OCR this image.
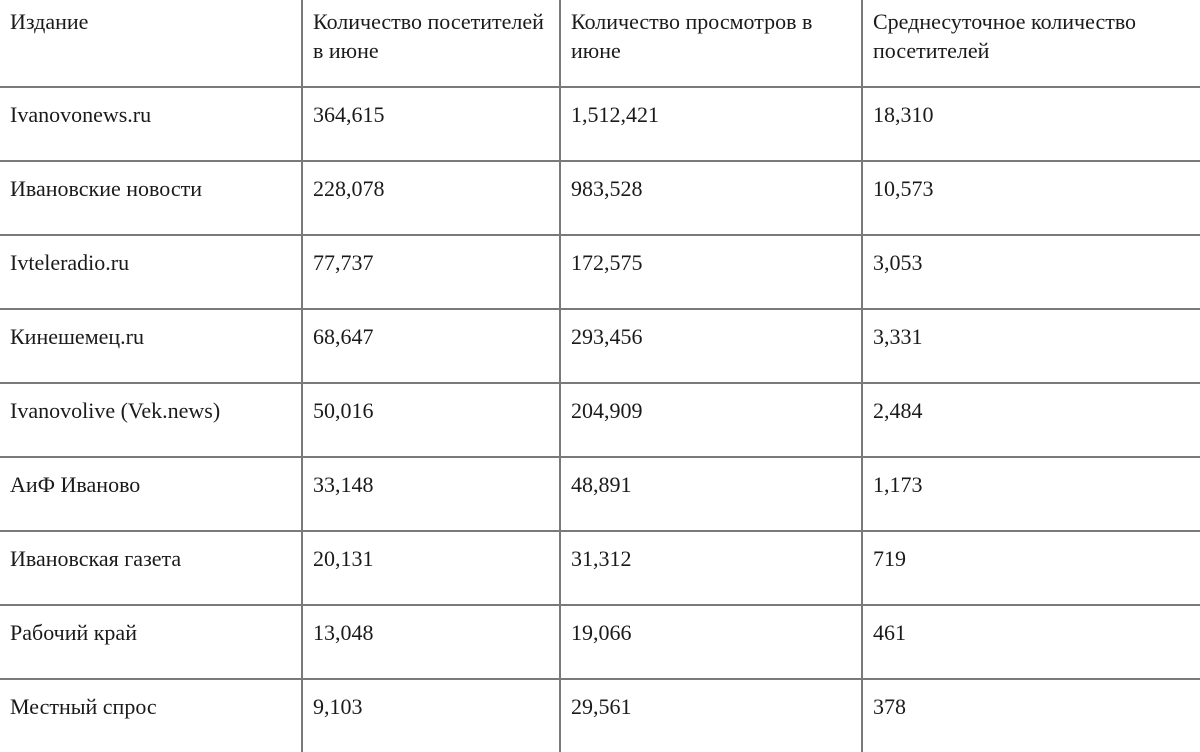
Издание	Количество посетителей в июне	Количество просмотров в июне	Среднесуточное количество посетителей

Ivanovonews.ru	364,615	1,512,421	18,310

Ивановские новости	228,078	983,528	10,573

Ivteleradio.ru	77,737	172,575	3,053

Кинешемец.ru	68,647	293,456	3,331

Ivanovolive (Vek.news)	50,016	204,909	2,484

АиФ Иваново	33,148	48,891	1,173

Ивановская газета	20,131	31,312	719

Рабочий край	13,048	19,066	461

Местный спрос	9,103	29,561	378
